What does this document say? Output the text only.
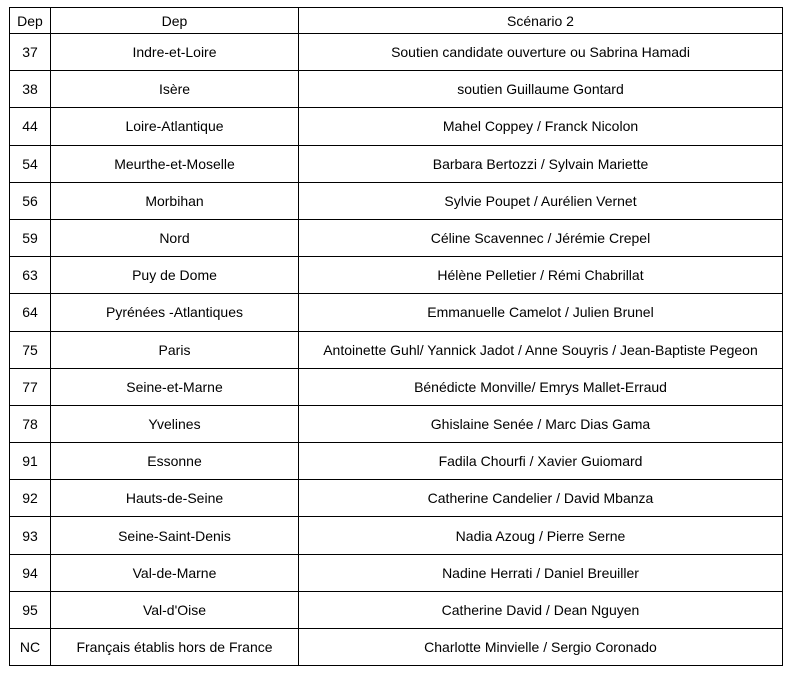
Dep	Dep	Scénario 2
37	Indre-et-Loire	Soutien candidate ouverture ou Sabrina Hamadi
38	Isère	soutien Guillaume Gontard
44	Loire-Atlantique	Mahel Coppey / Franck Nicolon
54	Meurthe-et-Moselle	Barbara Bertozzi / Sylvain Mariette
56	Morbihan	Sylvie Poupet / Aurélien Vernet
59	Nord	Céline Scavennec / Jérémie Crepel
63	Puy de Dome	Hélène Pelletier / Rémi Chabrillat
64	Pyrénées -Atlantiques	Emmanuelle Camelot / Julien Brunel
75	Paris	Antoinette Guhl/ Yannick Jadot / Anne Souyris / Jean-Baptiste Pegeon
77	Seine-et-Marne	Bénédicte Monville/ Emrys Mallet-Erraud
78	Yvelines	Ghislaine Senée / Marc Dias Gama
91	Essonne	Fadila Chourfi / Xavier Guiomard
92	Hauts-de-Seine	Catherine Candelier / David Mbanza
93	Seine-Saint-Denis	Nadia Azoug / Pierre Serne
94	Val-de-Marne	Nadine Herrati / Daniel Breuiller
95	Val-d'Oise	Catherine David / Dean Nguyen
NC	Français établis hors de France	Charlotte Minvielle / Sergio Coronado
